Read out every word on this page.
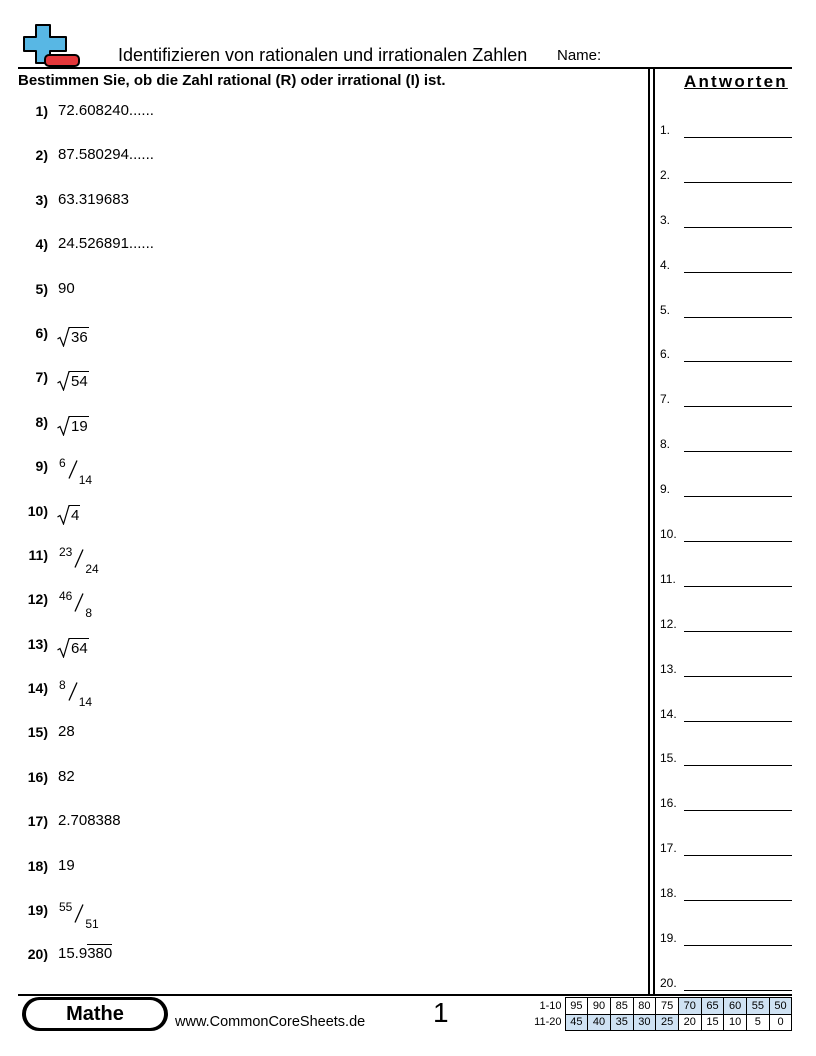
Identifizieren von rationalen und irrationalen Zahlen Name:
Bestimmen Sie, ob die Zahl rational (R) oder irrational (I) ist.
1) 72.608240......
2) 87.580294......
3) 63.319683
4) 24.526891......
5) 90
6) 36
7) 54
8) 19
9) 6
14
10) 4
11) 23
24
12) 46
8
13) 64
14) 8
14
15) 28
16) 82
17) 2.708388
18) 19
19) 55
51
20) 15.9380
Antworten
1.
2.
3.
4.
5.
6.
7.
8.
9.
10.
11.
12.
13.
14.
15.
16.
17.
18.
19.
20.
Mathe	www.CommonCoreSheets.de 1	1-10	95	90	85	80	75	70	65	60	55	50
11-20	45	40	35	30	25	20	15	10	5	0
